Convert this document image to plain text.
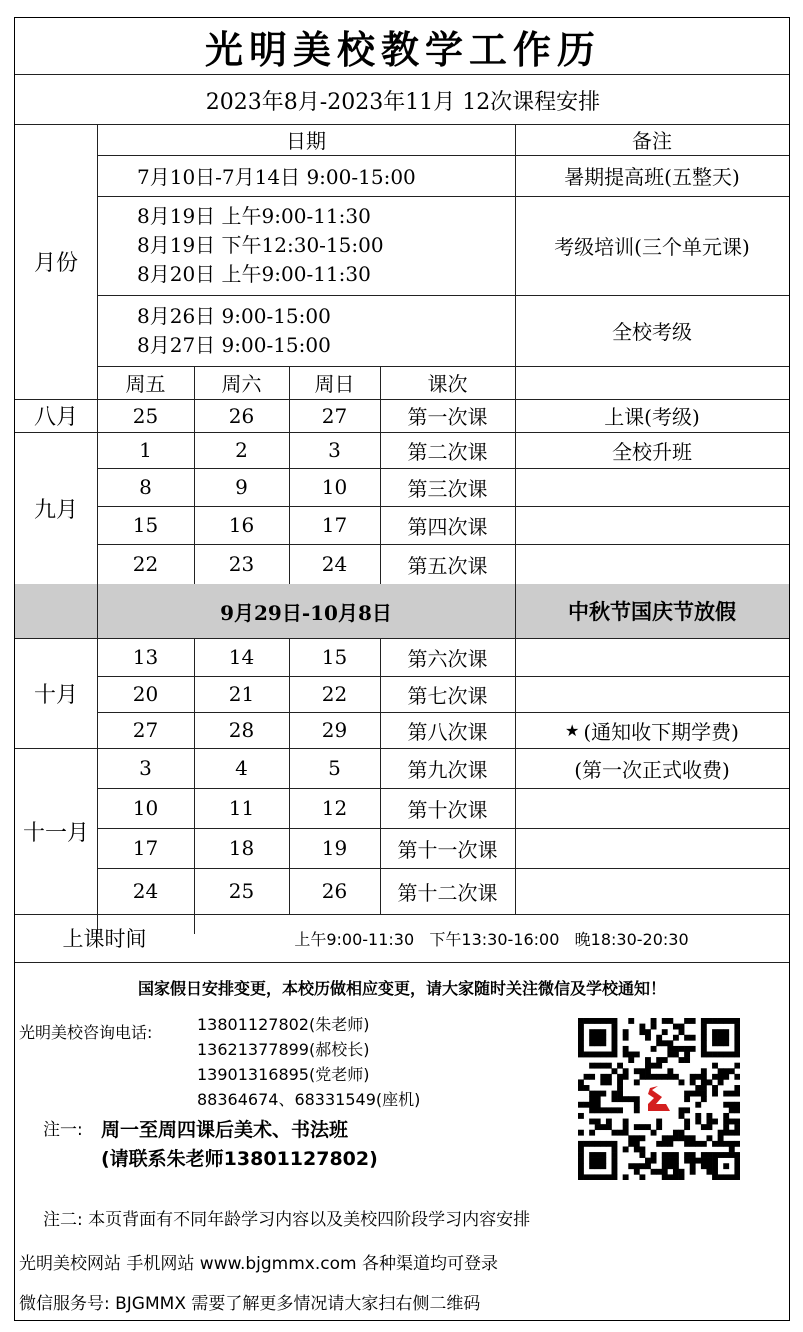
光明美校教学工作历
2023年8月-2023年11月 12次课程安排
月份
日期	备注
7月10日-7月14日 9:00-15:00	暑期提高班(五整天)
8月19日 上午9:00-11:30
8月19日 下午12:30-15:00
8月20日 上午9:00-11:30
考级培训(三个单元课)
8月26日 9:00-15:00
8月27日 9:00-15:00
全校考级
周五	周六	周日	课次
八月	25	26	27	第一次课	上课(考级)
九月
1	2	3	第二次课	全校升班
8	9	10	第三次课
15	16	17	第四次课
22	23	24	第五次课
9月29日-10月8日	中秋节国庆节放假
十月
13	14	15	第六次课
20	21	22	第七次课
27	28	29	第八次课	★ (通知收下期学费)
十一月
3	4	5	第九次课	(第一次正式收费)
10	11	12	第十次课
17	18	19	第十一次课
24	25	26	第十二次课
上课时间	上午9:00-11:30   下午13:30-16:00   晚18:30-20:30
国家假日安排变更，本校历做相应变更，请大家随时关注微信及学校通知！
光明美校咨询电话:	13801127802(朱老师)
13621377899(郝校长)
13901316895(党老师)
88364674、68331549(座机)
注一: 周一至周四课后美术、书法班
(请联系朱老师13801127802)
注二: 本页背面有不同年龄学习内容以及美校四阶段学习内容安排
光明美校网站 手机网站 www.bjgmmx.com 各种渠道均可登录
微信服务号: BJGMMX 需要了解更多情况请大家扫右侧二维码
